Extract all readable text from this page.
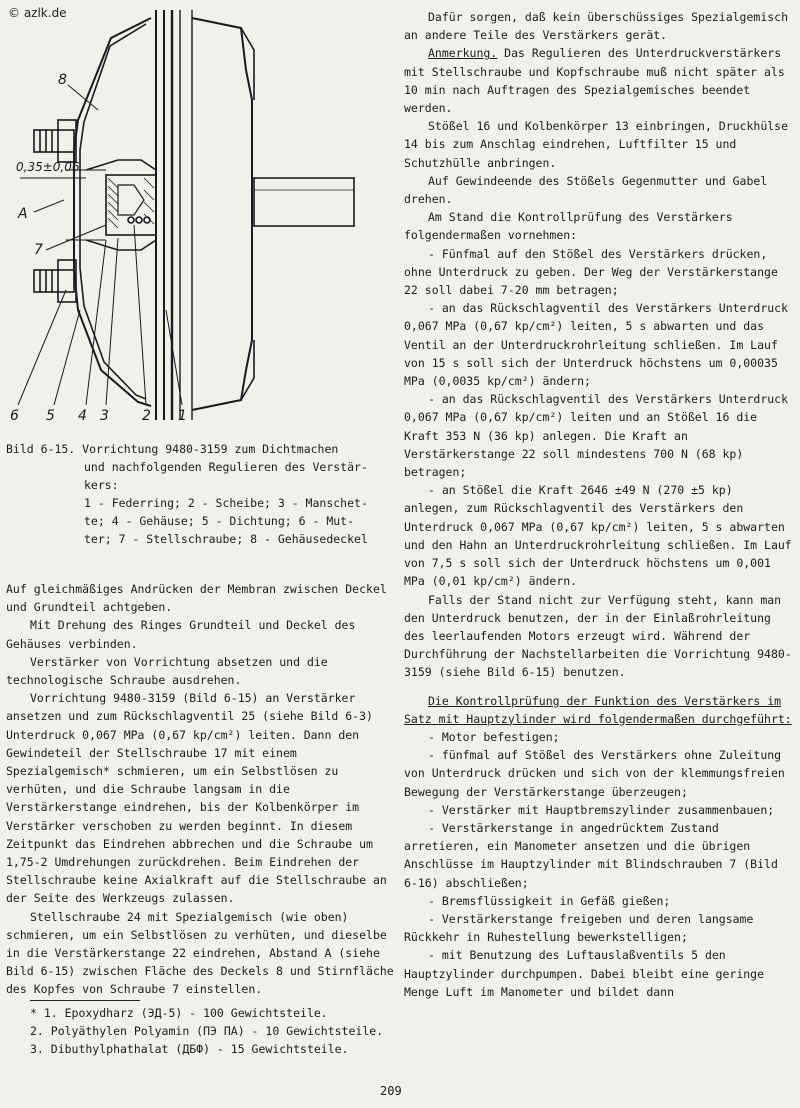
© azlk.de
8
0,35±0,06
A
7
6 5 4 3 2 1
Bild 6-15. Vorrichtung 9480-3159 zum Dichtmachen
und nachfolgenden Regulieren des Verstär-
kers:
1 - Federring; 2 - Scheibe; 3 - Manschet-
te; 4 - Gehäuse; 5 - Dichtung; 6 - Mut-
ter; 7 - Stellschraube; 8 - Gehäusedeckel

Auf gleichmäßiges Andrücken der Membran zwischen Deckel und Grundteil achtgeben.

Mit Drehung des Ringes Grundteil und Deckel des Gehäuses verbinden.

Verstärker von Vorrichtung absetzen und die technologische Schraube ausdrehen.

Vorrichtung 9480-3159 (Bild 6-15) an Verstärker ansetzen und zum Rückschlagventil 25 (siehe Bild 6-3) Unterdruck 0,067 MPa (0,67 kp/cm²) leiten. Dann den Gewindeteil der Stellschraube 17 mit einem Spezialgemisch* schmieren, um ein Selbstlösen zu verhüten, und die Schraube langsam in die Verstärkerstange eindrehen, bis der Kolbenkörper im Verstärker verschoben zu werden beginnt. In diesem Zeitpunkt das Eindrehen abbrechen und die Schraube um 1,75-2 Umdrehungen zurückdrehen. Beim Eindrehen der Stellschraube keine Axialkraft auf die Stellschraube an der Seite des Werkzeugs zulassen.

Stellschraube 24 mit Spezialgemisch (wie oben) schmieren, um ein Selbstlösen zu verhüten, und dieselbe in die Verstärkerstange 22 eindrehen, Abstand A (siehe Bild 6-15) zwischen Fläche des Deckels 8 und Stirnfläche des Kopfes von Schraube 7 einstellen.

* 1. Epoxydharz (ЭД-5) - 100 Gewichtsteile.

2. Polyäthylen Polyamin (ПЭ ПА) - 10 Gewichtsteile.

3. Dibuthylphathalat (ДБФ) - 15 Gewichtsteile.

Dafür sorgen, daß kein überschüssiges Spezialgemisch an andere Teile des Verstärkers gerät.

Anmerkung. Das Regulieren des Unterdruckverstärkers mit Stellschraube und Kopfschraube muß nicht später als 10 min nach Auftragen des Spezialgemisches beendet werden.

Stößel 16 und Kolbenkörper 13 einbringen, Druckhülse 14 bis zum Anschlag eindrehen, Luftfilter 15 und Schutzhülle anbringen.

Auf Gewindeende des Stößels Gegenmutter und Gabel drehen.

Am Stand die Kontrollprüfung des Verstärkers folgendermaßen vornehmen:

- Fünfmal auf den Stößel des Verstärkers drücken, ohne Unterdruck zu geben. Der Weg der Verstärkerstange 22 soll dabei 7-20 mm betragen;

- an das Rückschlagventil des Verstärkers Unterdruck 0,067 MPa (0,67 kp/cm²) leiten, 5 s abwarten und das Ventil an der Unterdruckrohrleitung schließen. Im Lauf von 15 s soll sich der Unterdruck höchstens um 0,00035 MPa (0,0035 kp/cm²) ändern;

- an das Rückschlagventil des Verstärkers Unterdruck 0,067 MPa (0,67 kp/cm²) leiten und an Stößel 16 die Kraft 353 N (36 kp) anlegen. Die Kraft an Verstärkerstange 22 soll mindestens 700 N (68 kp) betragen;

- an Stößel die Kraft 2646 ±49 N (270 ±5 kp) anlegen, zum Rückschlagventil des Verstärkers den Unterdruck 0,067 MPa (0,67 kp/cm²) leiten, 5 s abwarten und den Hahn an Unterdruckrohrleitung schließen. Im Lauf von 7,5 s soll sich der Unterdruck höchstens um 0,001 MPa (0,01 kp/cm²) ändern.

Falls der Stand nicht zur Verfügung steht, kann man den Unterdruck benutzen, der in der Einlaßrohrleitung des leerlaufenden Motors erzeugt wird. Während der Durchführung der Nachstellarbeiten die Vorrichtung 9480-3159 (siehe Bild 6-15) benutzen.

Die Kontrollprüfung der Funktion des Verstärkers im Satz mit Hauptzylinder wird folgendermaßen durchgeführt:

- Motor befestigen;

- fünfmal auf Stößel des Verstärkers ohne Zuleitung von Unterdruck drücken und sich von der klemmungsfreien Bewegung der Verstärkerstange überzeugen;

- Verstärker mit Hauptbremszylinder zusammenbauen;

- Verstärkerstange in angedrücktem Zustand arretieren, ein Manometer ansetzen und die übrigen Anschlüsse im Hauptzylinder mit Blindschrauben 7 (Bild 6-16) abschließen;

- Bremsflüssigkeit in Gefäß gießen;

- Verstärkerstange freigeben und deren langsame Rückkehr in Ruhestellung bewerkstelligen;

- mit Benutzung des Luftauslaßventils 5 den Hauptzylinder durchpumpen. Dabei bleibt eine geringe Menge Luft im Manometer und bildet dann

209
